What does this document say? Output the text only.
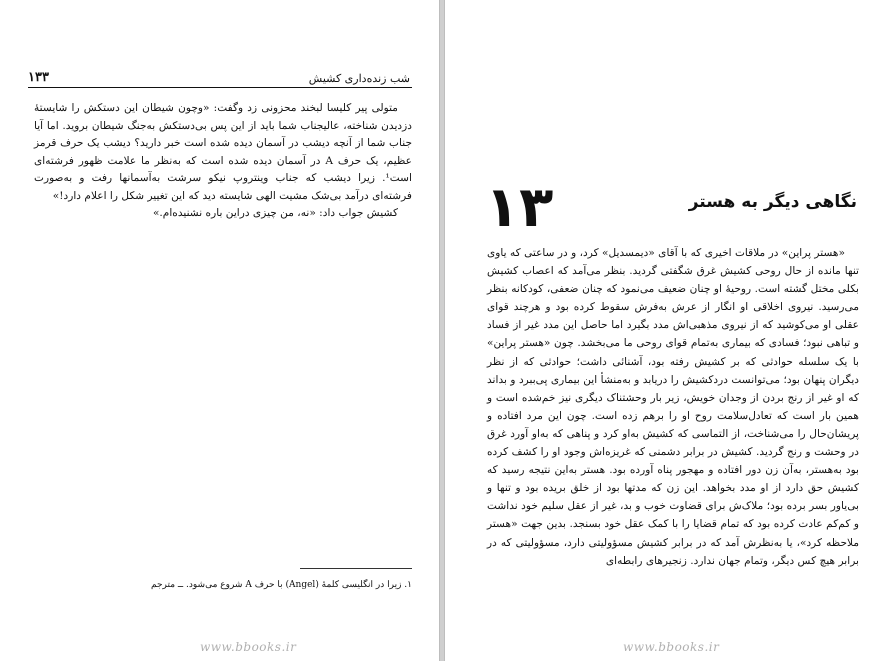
شب زنده‌داری کشیش
۱۳۳

متولی پیر کلیسا لبخند محزونی زد وگفت: «وچون شیطان این دستکش را شایستهٔ دزدیدن شناخته، عالیجناب شما باید از این پس بی‌دستکش به‌جنگ شیطان بروید. اما آیا جناب شما از آنچه دیشب در آسمان دیده شده است خبر دارید؟ دیشب یک حرف قرمز عظیم، یک حرف A در آسمان دیده شده است که به‌نظر ما علامت ظهور فرشته‌ای است¹. زیرا دیشب که جناب وینتروپ نیکو سرشت به‌آسمانها رفت و به‌صورت فرشته‌ای درآمد بی‌شک مشیت الهی شایسته دید که این تغییر شکل را اعلام دارد!»

کشیش جواب داد: «نه، من چیزی دراین باره نشنیده‌ام.»

۱. زیرا در انگلیسی کلمهٔ (Angel) با حرف A شروع می‌شود. ــ مترجم
www.bbooks.ir
۱۳	نگاهی دیگر به هستر

«هستر پراین» در ملاقات اخیری که با آقای «دیمسدیل» کرد، و در ساعتی که یاوی تنها مانده از حال روحی کشیش غرق شگفتی گردید. بنظر می‌آمد که اعصاب کشیش بکلی مختل گشته است. روحیهٔ او چنان ضعیف می‌نمود که چنان ضعفی، کودکانه بنظر می‌رسید. نیروی اخلاقی او انگار از عرش به‌فرش سقوط کرده بود و هرچند قوای عقلی او می‌کوشید که از نیروی مذهبی‌اش مدد بگیرد اما حاصل این مدد غیر از فساد و تباهی نبود؛ فسادی که بیماری به‌تمام قوای روحی ما می‌بخشد. چون «هستر پراین» با یک سلسله حوادثی که بر کشیش رفته بود، آشنائی داشت؛ حوادثی که از نظر دیگران پنهان بود؛ می‌توانست دردکشیش را دریابد و به‌منشأ این بیماری پی‌ببرد و بداند که او غیر از رنج بردن از وجدان خویش، زیر بار وحشتناک دیگری نیز خم‌شده است و همین بار است که تعادل‌سلامت روح او را برهم زده است. چون این مرد افتاده و پریشان‌حال را می‌شناخت، از التماسی که کشیش به‌او کرد و پناهی که به‌او آورد غرق در وحشت و رنج گردید. کشیش در برابر دشمنی که غریزه‌اش وجود او را کشف کرده بود به‌هستر، به‌آن زن دور افتاده و مهجور پناه آورده بود. هستر به‌این نتیجه رسید که کشیش حق دارد از او مدد بخواهد. این زن که مدتها بود از خلق بریده بود و تنها و بی‌یاور بسر برده بود؛ ملاک‌ش برای قضاوت خوب و بد، غیر از عقل سلیم خود نداشت و کم‌کم عادت کرده بود که تمام قضایا را با کمک عقل خود بسنجد. بدین جهت «هستر ملاحظه کرد»، یا به‌نظرش آمد که در برابر کشیش مسؤولیتی دارد، مسؤولیتی که در برابر هیچ کس دیگر، وتمام جهان ندارد. زنجیرهای رابطه‌ای

www.bbooks.ir
